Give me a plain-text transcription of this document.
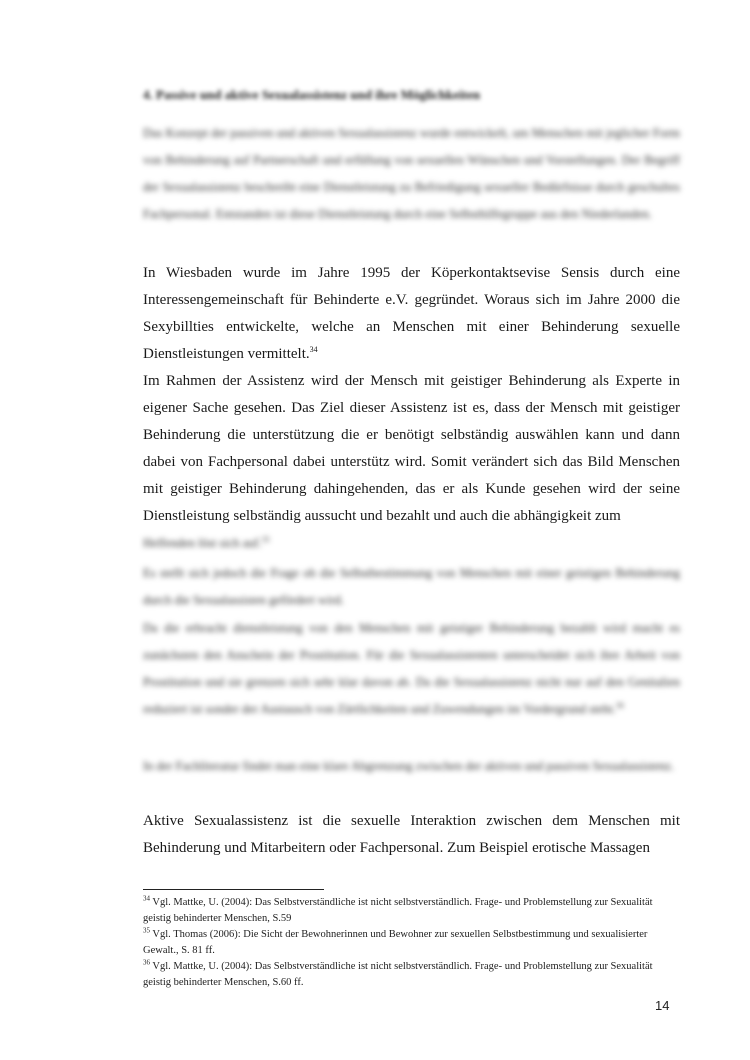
4. Passive und aktive Sexualassistenz und ihre Möglichkeiten

Das Konzept der passiven und aktiven Sexualassistenz wurde entwickelt, um Menschen mit jeglicher Form von Behinderung auf Partnerschaft und erfüllung von sexuellen Wünschen und Vorstellungen. Der Begriff der Sexualassistenz beschreibt eine Dienstleistung zu Befriedigung sexueller Bedürfnisse durch geschultes Fachpersonal. Entstanden ist diese Dienstleistung durch eine Selbsthilfegruppe aus den Niederlanden.

In Wiesbaden wurde im Jahre 1995 der Köperkontaktsevise Sensis durch eine Interessengemeinschaft für Behinderte e.V. gegründet. Woraus sich im Jahre 2000 die Sexybillties entwickelte, welche an Menschen mit einer Behinderung sexuelle Dienstleistungen vermittelt.$^{34}$

Im Rahmen der Assistenz wird der Mensch mit geistiger Behinderung als Experte in eigener Sache gesehen. Das Ziel dieser Assistenz ist es, dass der Mensch mit geistiger Behinderung die unterstützung die er benötigt selbständig auswählen kann und dann dabei von Fachpersonal dabei unterstütz wird. Somit verändert sich das Bild Menschen mit geistiger Behinderung dahingehenden, das er als Kunde gesehen wird der seine Dienstleistung selbständig aussucht und bezahlt und auch die abhängigkeit zum

Helfenden löst sich auf.$^{35}$

Es stellt sich jedoch die Frage ob die Selbstbestimmung von Menschen mit einer geistigen Behinderung durch die Sexualassisten gefördert wird.

Da die erbracht dienstleistung von den Menschen mit geistiger Behinderung bezahlt wird macht es zunächsten den Anschein der Prostitution. Für die Sexualassistenten unterscheidet sich ihre Arbeit von Prostitution und sie grenzen sich sehr klar davon ab. Da die Sexualassistenz nicht nur auf den Genitalien reduziert ist sonder der Austausch von Zärtlichkeiten und Zuwendungen im Vordergrund steht.$^{36}$

In der Fachliteratur findet man eine klare Abgrenzung zwischen der aktiven und passiven Sexualassistenz.

Aktive Sexualassistenz ist die sexuelle Interaktion zwischen dem Menschen mit Behinderung und Mitarbeitern oder Fachpersonal. Zum Beispiel erotische Massagen

$^{34}$ Vgl. Mattke, U. (2004): Das Selbstverständliche ist nicht selbstverständlich. Frage- und Problemstellung zur Sexualität geistig behinderter Menschen, S.59
$^{35}$ Vgl. Thomas (2006): Die Sicht der Bewohnerinnen und Bewohner zur sexuellen Selbstbestimmung und sexualisierter Gewalt., S. 81 ff.
$^{36}$ Vgl. Mattke, U. (2004): Das Selbstverständliche ist nicht selbstverständlich. Frage- und Problemstellung zur Sexualität geistig behinderter Menschen, S.60 ff.
14
